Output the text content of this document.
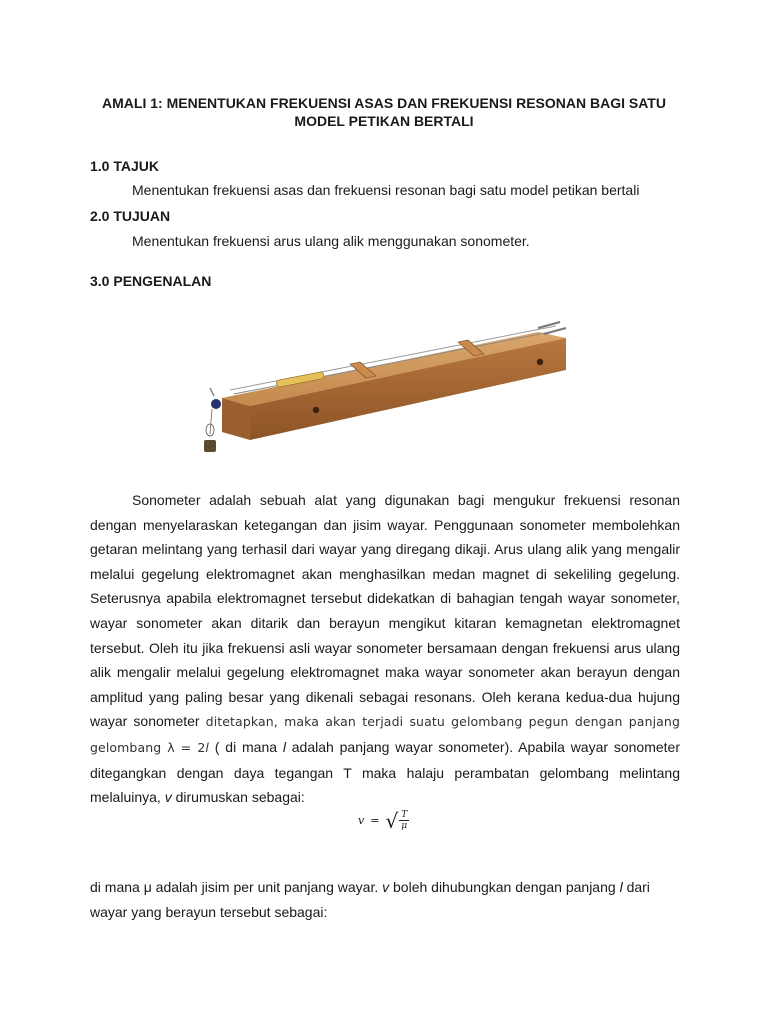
AMALI 1: MENENTUKAN FREKUENSI ASAS DAN FREKUENSI RESONAN BAGI SATU
MODEL PETIKAN BERTALI
1.0 TAJUK
Menentukan frekuensi asas dan frekuensi resonan bagi satu model petikan bertali
2.0 TUJUAN
Menentukan frekuensi arus ulang alik menggunakan sonometer.
3.0 PENGENALAN

Sonometer adalah sebuah alat yang digunakan bagi mengukur frekuensi resonan dengan menyelaraskan ketegangan dan jisim wayar. Penggunaan sonometer membolehkan getaran melintang yang terhasil dari wayar yang diregang dikaji. Arus ulang alik yang mengalir melalui gegelung elektromagnet akan menghasilkan medan magnet di sekeliling gegelung. Seterusnya apabila elektromagnet tersebut didekatkan di bahagian tengah wayar sonometer, wayar sonometer akan ditarik dan berayun mengikut kitaran kemagnetan elektromagnet tersebut. Oleh itu jika frekuensi asli wayar sonometer bersamaan dengan frekuensi arus ulang alik mengalir melalui gegelung elektromagnet maka wayar sonometer akan berayun dengan amplitud yang paling besar yang dikenali sebagai resonans. Oleh kerana kedua-dua hujung wayar sonometer ditetapkan, maka akan terjadi suatu gelombang pegun dengan panjang gelombang λ = 2l ( di mana l adalah panjang wayar sonometer). Apabila wayar sonometer ditegangkan dengan daya tegangan T maka halaju perambatan gelombang melintang melaluinya, v dirumuskan sebagai:

v = √ $\frac{T}{\mu}$

di mana μ adalah jisim per unit panjang wayar. v boleh dihubungkan dengan panjang l dari wayar yang berayun tersebut sebagai:
